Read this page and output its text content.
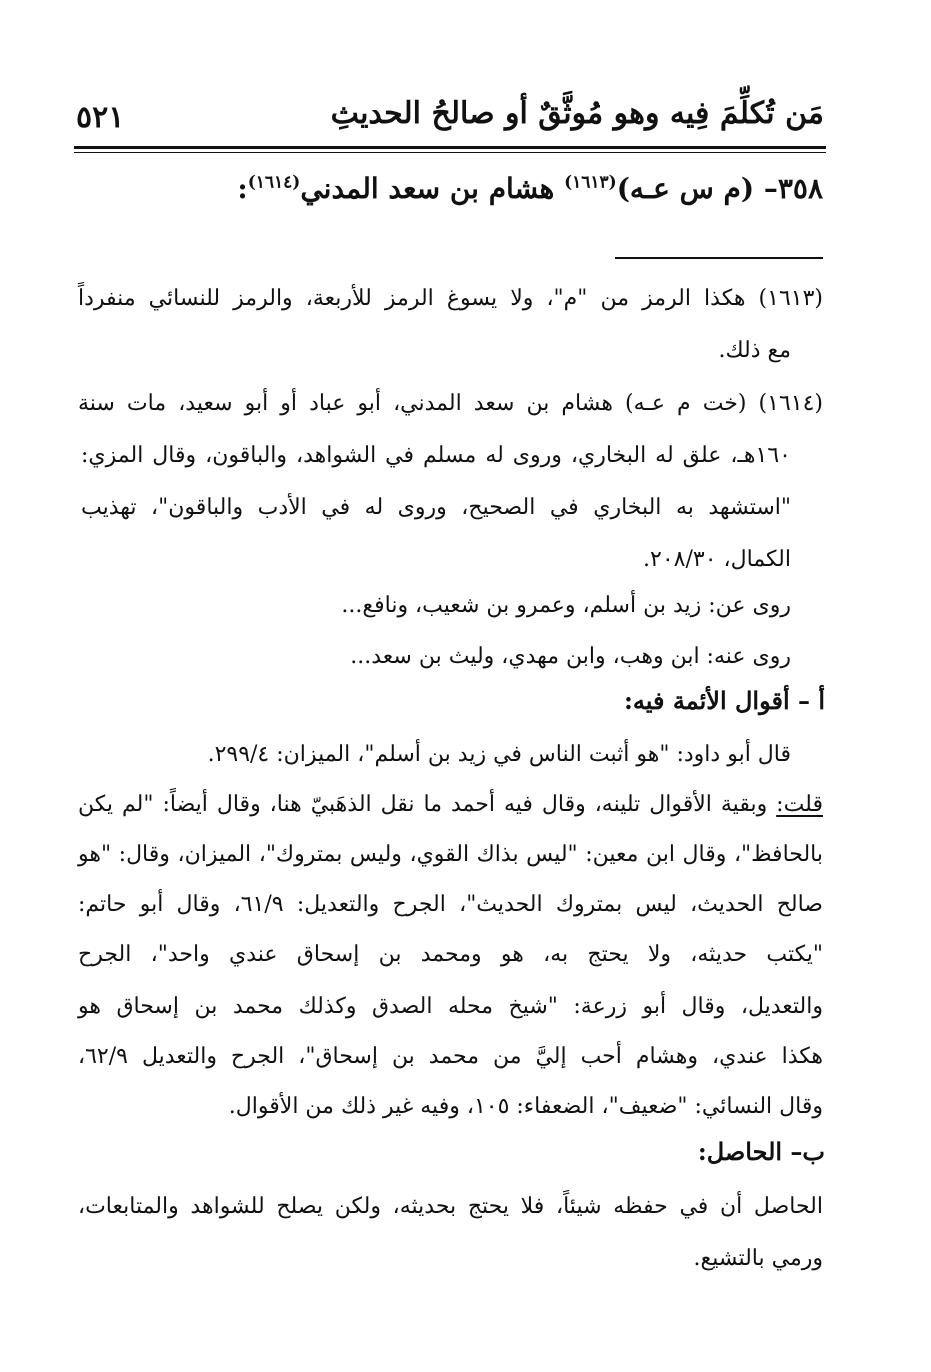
مَن تُكلِّمَ فِيه وهو مُوثَّقٌ أو صالحُ الحديثِ
٥٢١
٣٥٨– (م س عـه)$^{(١٦١٣)}$ هشام بن سعد المدني$^{(١٦١٤)}$:
(١٦١٣) هكذا الرمز من "م"، ولا يسوغ الرمز للأربعة، والرمز للنسائي منفرداً
مع ذلك.
(١٦١٤) (خت م عـه) هشام بن سعد المدني، أبو عباد أو أبو سعيد، مات سنة
١٦٠هـ، علق له البخاري، وروى له مسلم في الشواهد، والباقون، وقال المزي:
"استشهد به البخاري في الصحيح، وروى له في الأدب والباقون"، تهذيب
الكمال، ٢٠٨/٣٠.
روى عن: زيد بن أسلم، وعمرو بن شعيب، ونافع...
روى عنه: ابن وهب، وابن مهدي، وليث بن سعد...
أ – أقوال الأئمة فيه:
قال أبو داود: "هو أثبت الناس في زيد بن أسلم"، الميزان: ٢٩٩/٤.
قلت: وبقية الأقوال تلينه، وقال فيه أحمد ما نقل الذهَبيّ هنا، وقال أيضاً: "لم يكن
بالحافظ"، وقال ابن معين: "ليس بذاك القوي، وليس بمتروك"، الميزان، وقال: "هو
صالح الحديث، ليس بمتروك الحديث"، الجرح والتعديل: ٦١/٩، وقال أبو حاتم:
"يكتب حديثه، ولا يحتج به، هو ومحمد بن إسحاق عندي واحد"، الجرح
والتعديل، وقال أبو زرعة: "شيخ محله الصدق وكذلك محمد بن إسحاق هو
هكذا عندي، وهشام أحب إليَّ من محمد بن إسحاق"، الجرح والتعديل ٦٢/٩،
وقال النسائي: "ضعيف"، الضعفاء: ١٠٥، وفيه غير ذلك من الأقوال.
ب– الحاصل:
الحاصل أن في حفظه شيئاً، فلا يحتج بحديثه، ولكن يصلح للشواهد والمتابعات،
ورمي بالتشيع.
